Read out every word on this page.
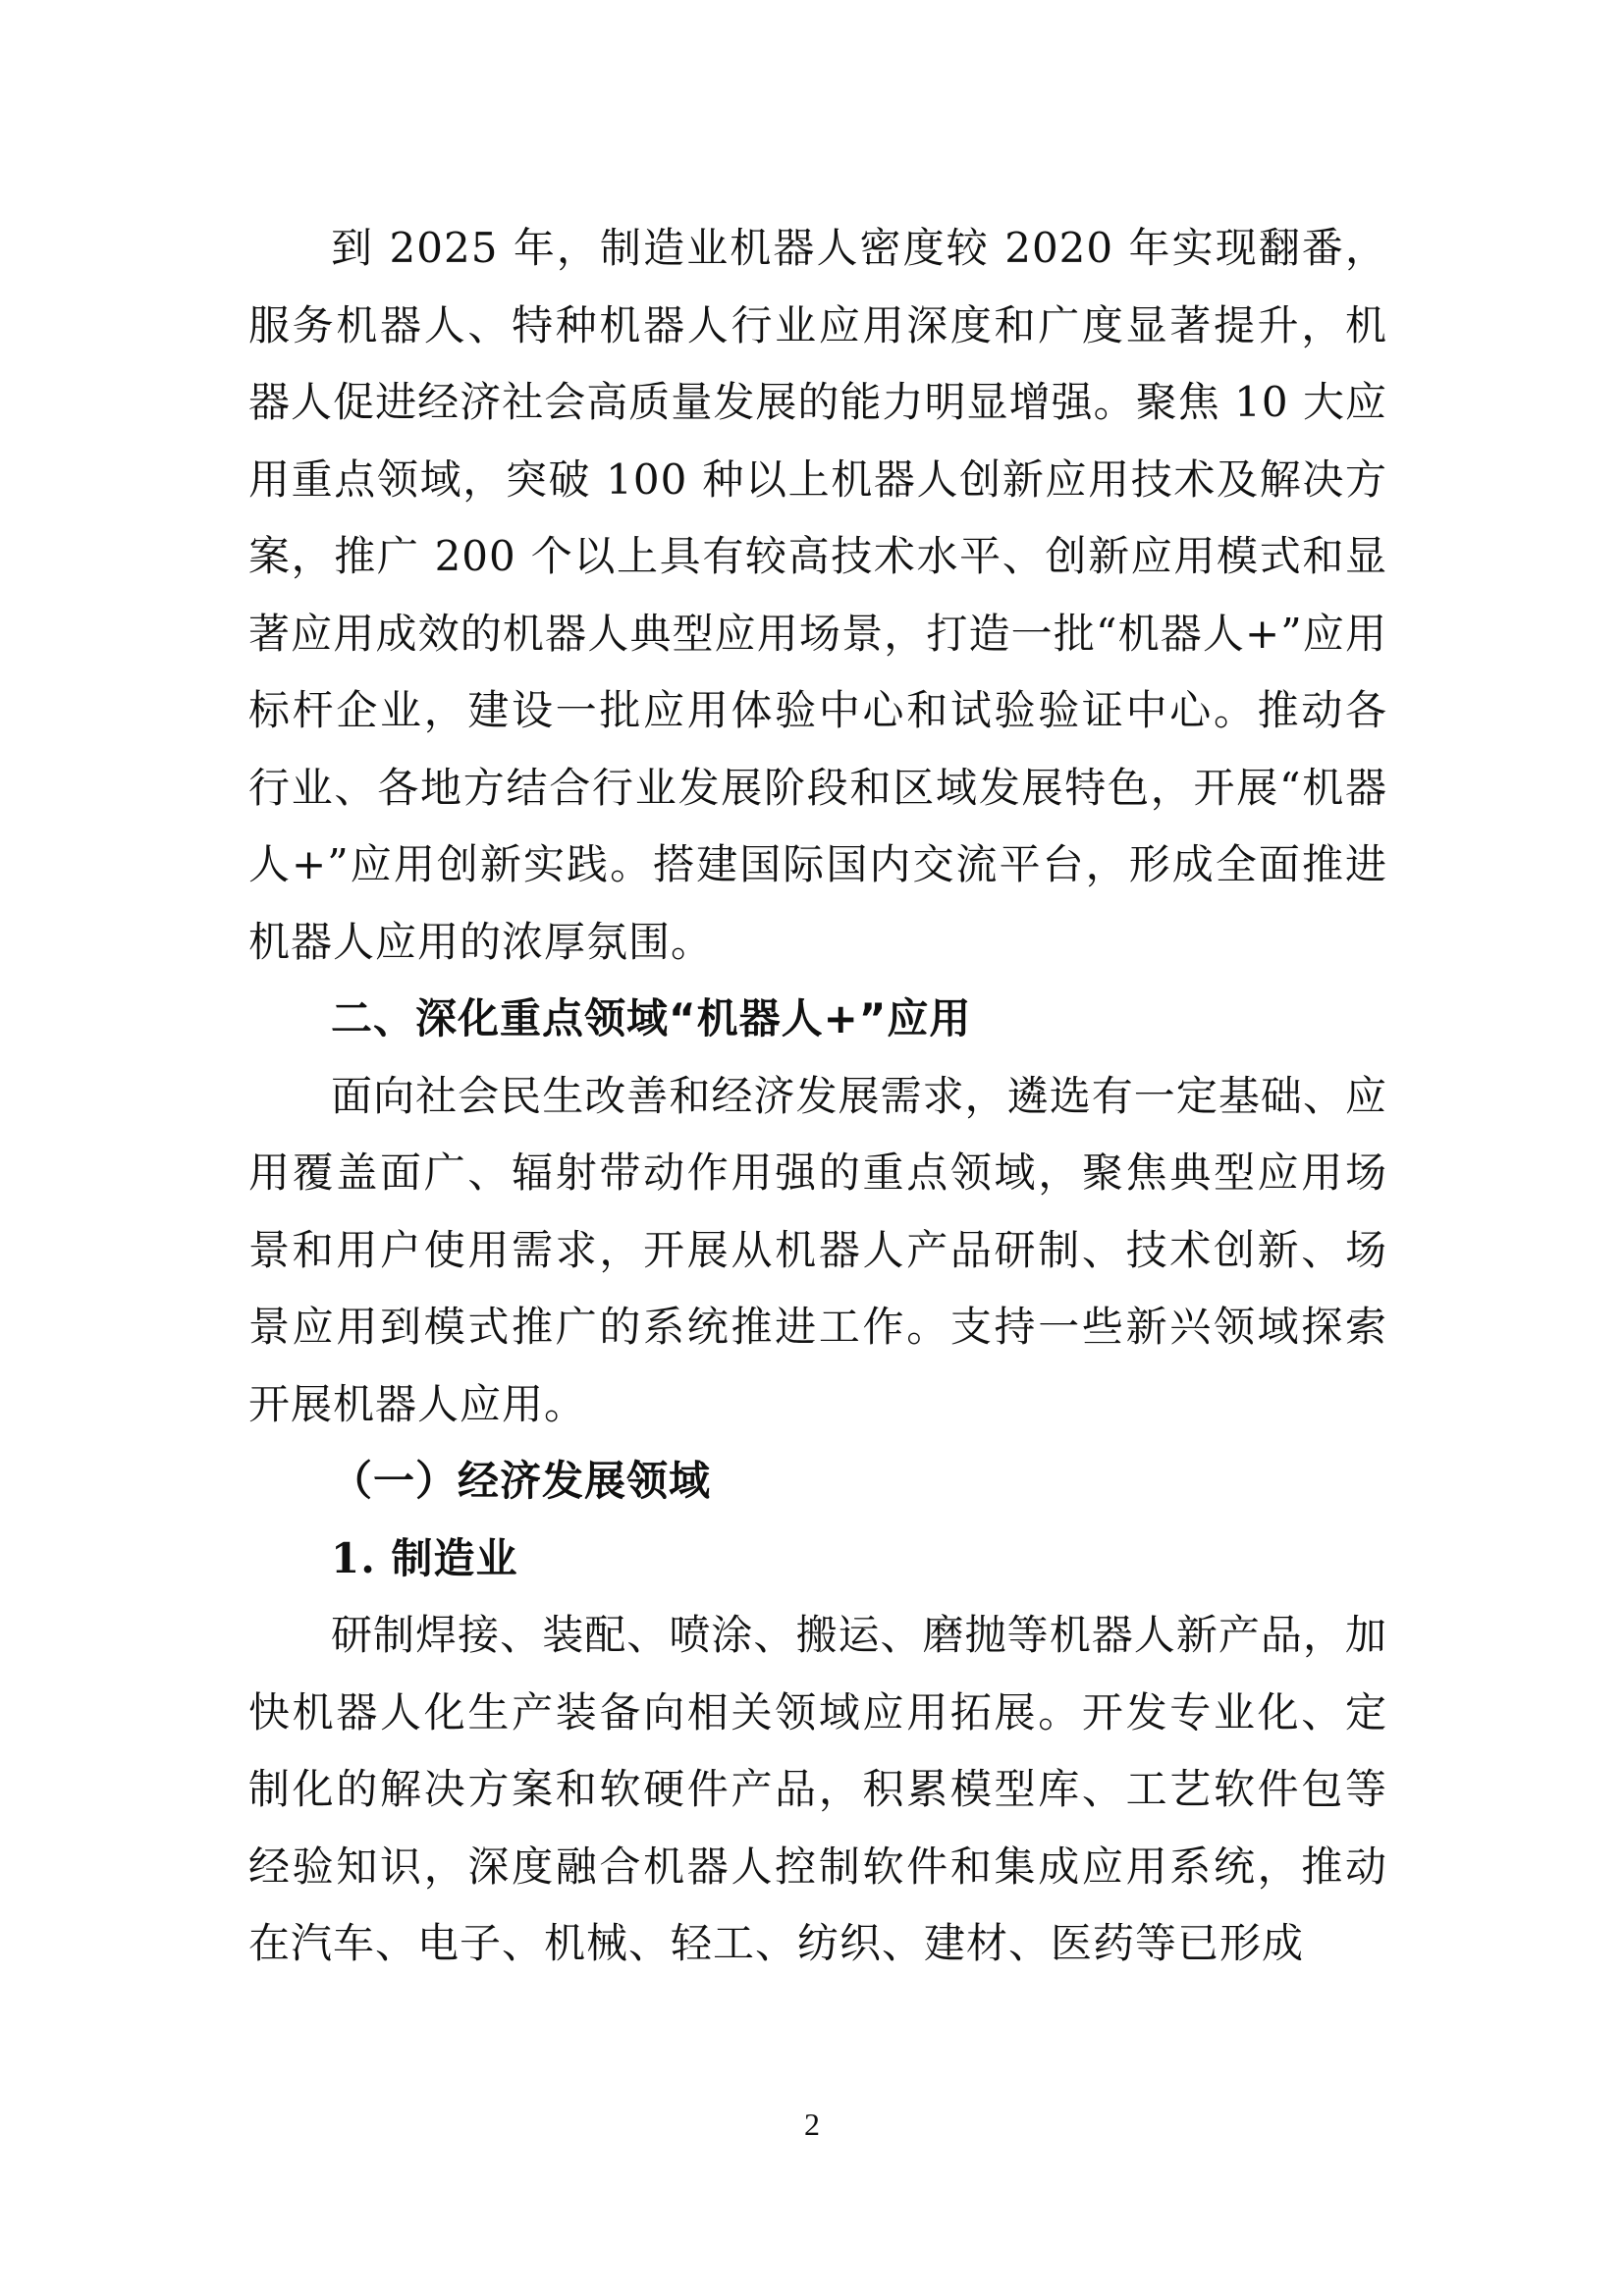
到 2025 年，制造业机器人密度较 2020 年实现翻番，服务机器人、特种机器人行业应用深度和广度显著提升，机器人促进经济社会高质量发展的能力明显增强。聚焦 10 大应用重点领域，突破 100 种以上机器人创新应用技术及解决方案，推广 200 个以上具有较高技术水平、创新应用模式和显著应用成效的机器人典型应用场景，打造一批“机器人+”应用标杆企业，建设一批应用体验中心和试验验证中心。推动各行业、各地方结合行业发展阶段和区域发展特色，开展“机器人+”应用创新实践。搭建国际国内交流平台，形成全面推进机器人应用的浓厚氛围。

二、深化重点领域“机器人+”应用

面向社会民生改善和经济发展需求，遴选有一定基础、应用覆盖面广、辐射带动作用强的重点领域，聚焦典型应用场景和用户使用需求，开展从机器人产品研制、技术创新、场景应用到模式推广的系统推进工作。支持一些新兴领域探索开展机器人应用。

（一）经济发展领域

1. 制造业

研制焊接、装配、喷涂、搬运、磨抛等机器人新产品，加快机器人化生产装备向相关领域应用拓展。开发专业化、定制化的解决方案和软硬件产品，积累模型库、工艺软件包等经验知识，深度融合机器人控制软件和集成应用系统，推动在汽车、电子、机械、轻工、纺织、建材、医药等已形成

2
